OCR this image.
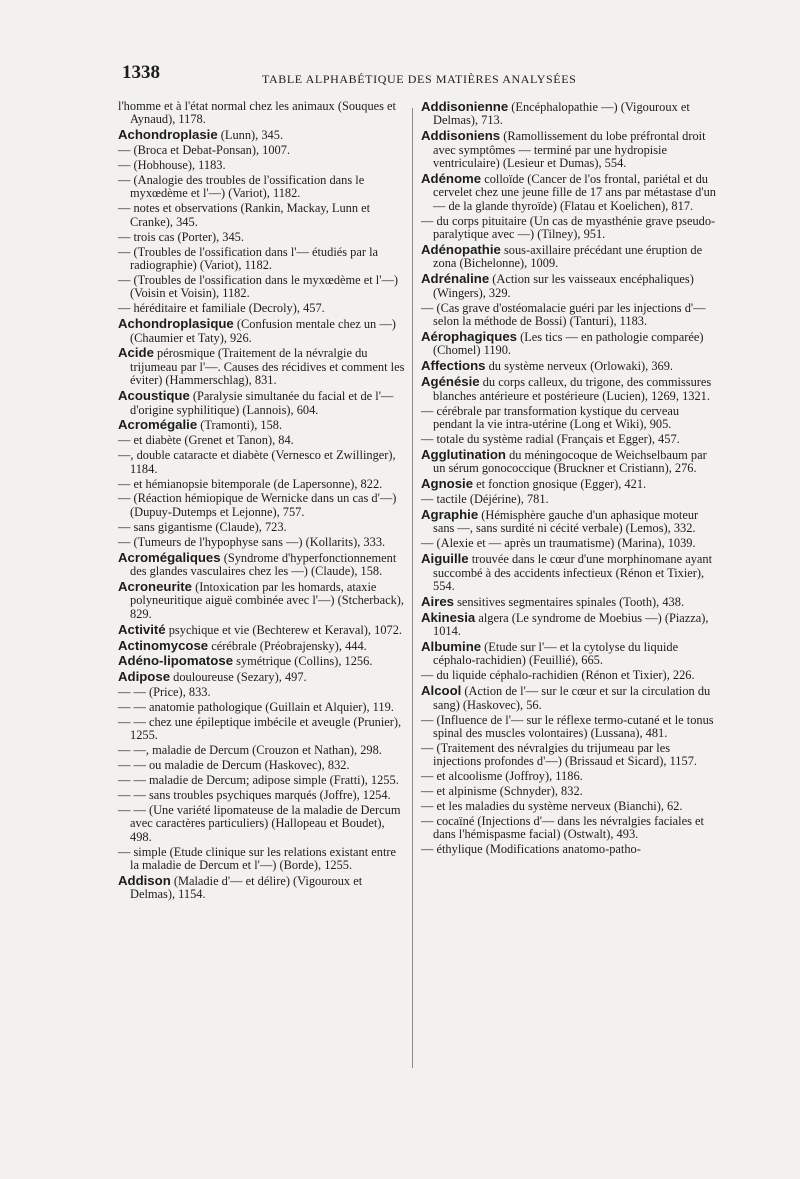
1338	TABLE ALPHABÉTIQUE DES MATIÈRES ANALYSÉES

l'homme et à l'état normal chez les animaux (Souques et Aynaud), 1178.

Achondroplasie (Lunn), 345.

— (Broca et Debat-Ponsan), 1007.

— (Hobhouse), 1183.

— (Analogie des troubles de l'ossification dans le myxœdème et l'—) (Variot), 1182.

— notes et observations (Rankin, Mackay, Lunn et Cranke), 345.

— trois cas (Porter), 345.

— (Troubles de l'ossification dans l'— étudiés par la radiographie) (Variot), 1182.

— (Troubles de l'ossification dans le myxœdème et l'—) (Voisin et Voisin), 1182.

— héréditaire et familiale (Decroly), 457.

Achondroplasique (Confusion mentale chez un —) (Chaumier et Taty), 926.

Acide pérosmique (Traitement de la névralgie du trijumeau par l'—. Causes des récidives et comment les éviter) (Hammerschlag), 831.

Acoustique (Paralysie simultanée du facial et de l'— d'origine syphilitique) (Lannois), 604.

Acromégalie (Tramonti), 158.

— et diabète (Grenet et Tanon), 84.

—, double cataracte et diabète (Vernesco et Zwillinger), 1184.

— et hémianopsie bitemporale (de Lapersonne), 822.

— (Réaction hémiopique de Wernicke dans un cas d'—) (Dupuy-Dutemps et Lejonne), 757.

— sans gigantisme (Claude), 723.

— (Tumeurs de l'hypophyse sans —) (Kollarits), 333.

Acromégaliques (Syndrome d'hyperfonctionnement des glandes vasculaires chez les —) (Claude), 158.

Acroneurite (Intoxication par les homards, ataxie polyneuritique aiguë combinée avec l'—) (Stcherback), 829.

Activité psychique et vie (Bechterew et Keraval), 1072.

Actinomycose cérébrale (Préobrajensky), 444.

Adéno-lipomatose symétrique (Collins), 1256.

Adipose douloureuse (Sezary), 497.

— — (Price), 833.

— — anatomie pathologique (Guillain et Alquier), 119.

— — chez une épileptique imbécile et aveugle (Prunier), 1255.

— —, maladie de Dercum (Crouzon et Nathan), 298.

— — ou maladie de Dercum (Haskovec), 832.

— — maladie de Dercum; adipose simple (Fratti), 1255.

— — sans troubles psychiques marqués (Joffre), 1254.

— — (Une variété lipomateuse de la maladie de Dercum avec caractères particuliers) (Hallopeau et Boudet), 498.

— simple (Etude clinique sur les relations existant entre la maladie de Dercum et l'—) (Borde), 1255.

Addison (Maladie d'— et délire) (Vigouroux et Delmas), 1154.

Addisonienne (Encéphalopathie —) (Vigouroux et Delmas), 713.

Addisoniens (Ramollissement du lobe préfrontal droit avec symptômes — terminé par une hydropisie ventriculaire) (Lesieur et Dumas), 554.

Adénome colloïde (Cancer de l'os frontal, pariétal et du cervelet chez une jeune fille de 17 ans par métastase d'un — de la glande thyroïde) (Flatau et Koelichen), 817.

— du corps pituitaire (Un cas de myasthénie grave pseudo-paralytique avec —) (Tilney), 951.

Adénopathie sous-axillaire précédant une éruption de zona (Bichelonne), 1009.

Adrénaline (Action sur les vaisseaux encéphaliques) (Wingers), 329.

— (Cas grave d'ostéomalacie guéri par les injections d'— selon la méthode de Bossi) (Tanturi), 1183.

Aérophagiques (Les tics — en pathologie comparée) (Chomel) 1190.

Affections du système nerveux (Orlowaki), 369.

Agénésie du corps calleux, du trigone, des commissures blanches antérieure et postérieure (Lucien), 1269, 1321.

— cérébrale par transformation kystique du cerveau pendant la vie intra-utérine (Long et Wiki), 905.

— totale du système radial (Français et Egger), 457.

Agglutination du méningocoque de Weichselbaum par un sérum gonococcique (Bruckner et Cristiann), 276.

Agnosie et fonction gnosique (Egger), 421.

— tactile (Déjérine), 781.

Agraphie (Hémisphère gauche d'un aphasique moteur sans —, sans surdité ni cécité verbale) (Lemos), 332.

— (Alexie et — après un traumatisme) (Marina), 1039.

Aiguille trouvée dans le cœur d'une morphinomane ayant succombé à des accidents infectieux (Rénon et Tixier), 554.

Aires sensitives segmentaires spinales (Tooth), 438.

Akinesia algera (Le syndrome de Moebius —) (Piazza), 1014.

Albumine (Etude sur l'— et la cytolyse du liquide céphalo-rachidien) (Feuillié), 665.

— du liquide céphalo-rachidien (Rénon et Tixier), 226.

Alcool (Action de l'— sur le cœur et sur la circulation du sang) (Haskovec), 56.

— (Influence de l'— sur le réflexe termo-cutané et le tonus spinal des muscles volontaires) (Lussana), 481.

— (Traitement des névralgies du trijumeau par les injections profondes d'—) (Brissaud et Sicard), 1157.

— et alcoolisme (Joffroy), 1186.

— et alpinisme (Schnyder), 832.

— et les maladies du système nerveux (Bianchi), 62.

— cocaïné (Injections d'— dans les névralgies faciales et dans l'hémispasme facial) (Ostwalt), 493.

— éthylique (Modifications anatomo-patho-
